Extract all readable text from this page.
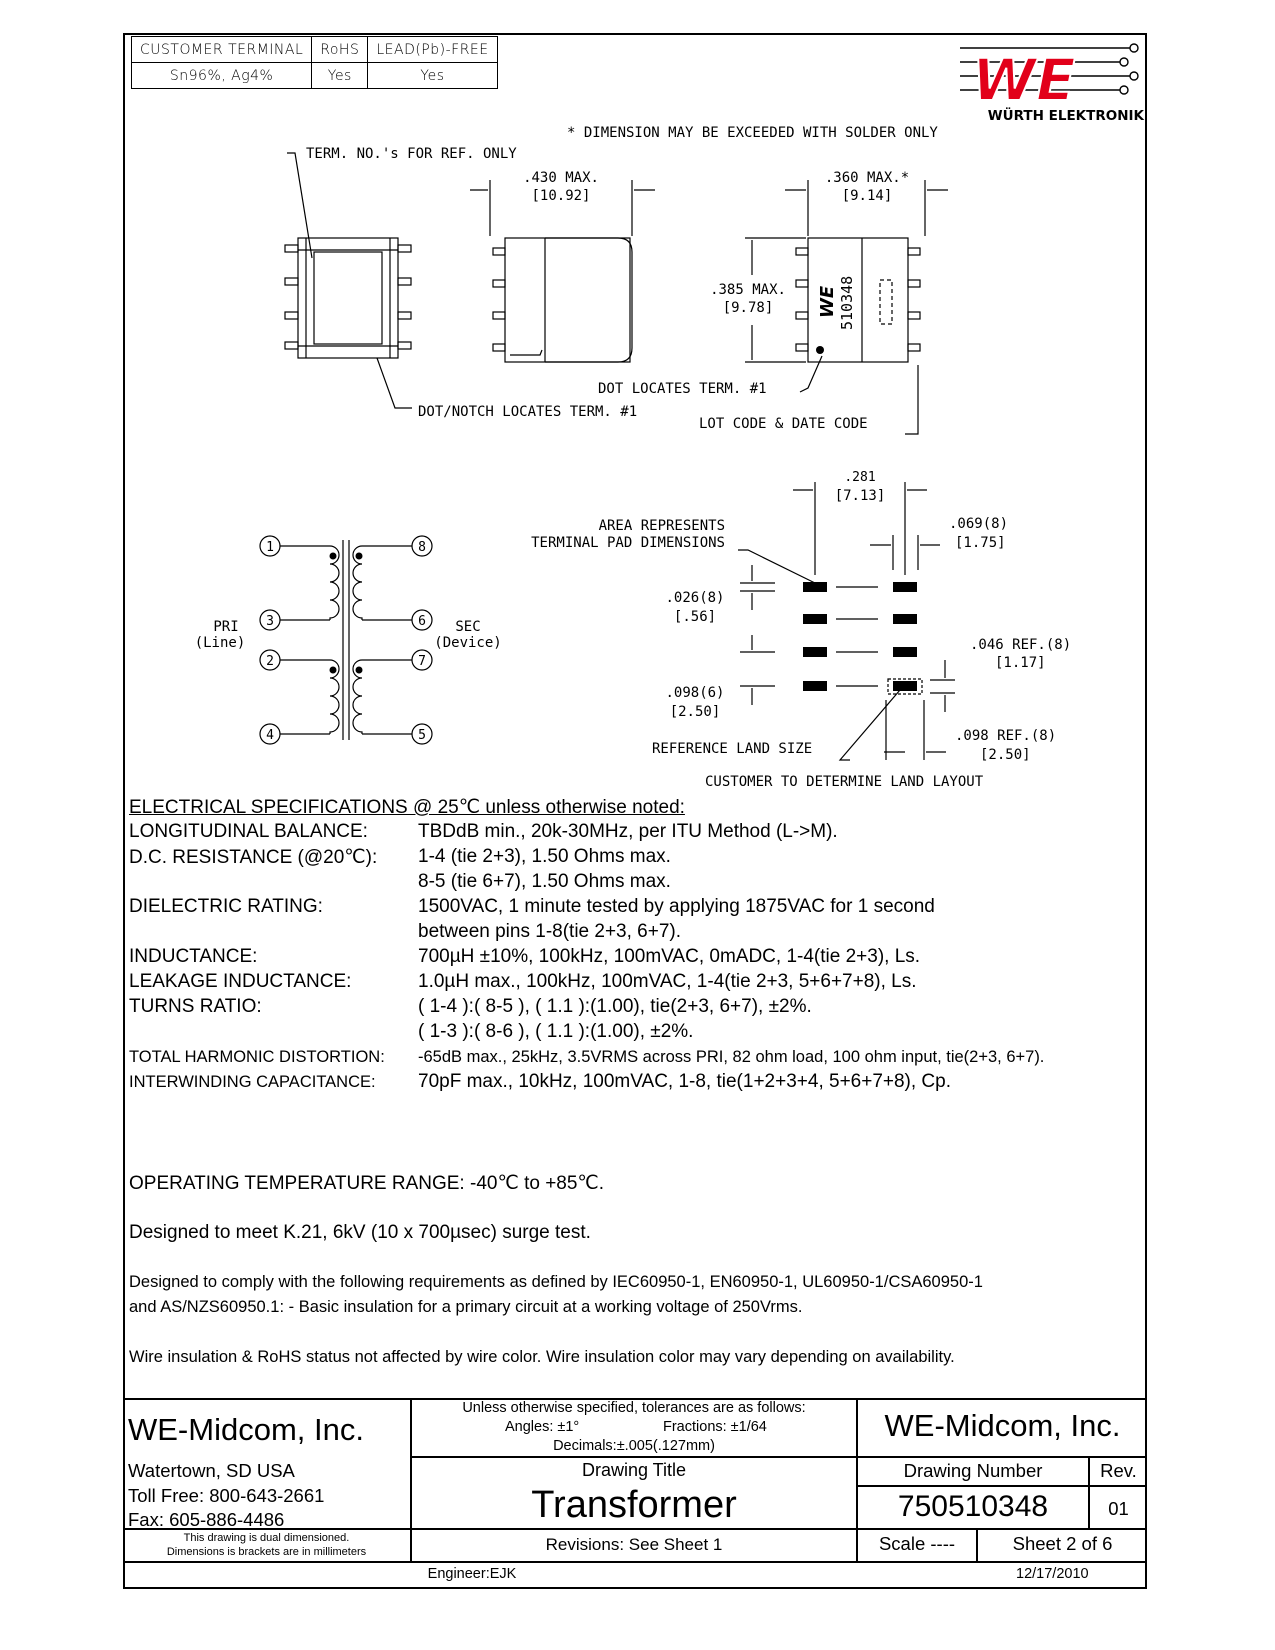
CUSTOMER TERMINAL	RoHS	LEAD(Pb)-FREE
Sn96%, Ag4%	Yes	Yes	WE
WÜRTH ELEKTRONIK
* DIMENSION MAY BE EXCEEDED WITH SOLDER ONLY
TERM. NO.'s FOR REF. ONLY
.430 MAX.
[10.92]
.360 MAX.*
[9.14]
.385 MAX.
[9.78]	510348
WE
DOT LOCATES TERM. #1
DOT/NOTCH LOCATES TERM. #1
LOT CODE & DATE CODE
1
3
2
4
8
6
7
5
PRI
(Line)
SEC
(Device)
.281
[7.13]
.069(8)
[1.75]
AREA REPRESENTS
TERMINAL PAD DIMENSIONS
.026(8)
[.56]
.098(6)
[2.50]
.046 REF.(8)
[1.17]
.098 REF.(8)
[2.50]
REFERENCE LAND SIZE
CUSTOMER TO DETERMINE LAND LAYOUT
ELECTRICAL SPECIFICATIONS @ 25℃ unless otherwise noted:
LONGITUDINAL BALANCE:	TBDdB min., 20k-30MHz, per ITU Method (L->M).
D.C. RESISTANCE (@20℃): 1-4 (tie 2+3), 1.50 Ohms max.
8-5 (tie 6+7), 1.50 Ohms max.
DIELECTRIC RATING:	1500VAC, 1 minute tested by applying 1875VAC for 1 second
between pins 1-8(tie 2+3, 6+7).
INDUCTANCE:	700µH ±10%, 100kHz, 100mVAC, 0mADC, 1-4(tie 2+3), Ls.
LEAKAGE INDUCTANCE:	1.0µH max., 100kHz, 100mVAC, 1-4(tie 2+3, 5+6+7+8), Ls.
TURNS RATIO:	( 1-4 ):( 8-5 ), ( 1.1 ):(1.00), tie(2+3, 6+7), ±2%.
( 1-3 ):( 8-6 ), ( 1.1 ):(1.00), ±2%.
TOTAL HARMONIC DISTORTION: -65dB max., 25kHz, 3.5VRMS across PRI, 82 ohm load, 100 ohm input, tie(2+3, 6+7).
INTERWINDING CAPACITANCE: 70pF max., 10kHz, 100mVAC, 1-8, tie(1+2+3+4, 5+6+7+8), Cp.
OPERATING TEMPERATURE RANGE: -40℃ to +85℃.
Designed to meet K.21, 6kV (10 x 700µsec) surge test.
Designed to comply with the following requirements as defined by IEC60950-1, EN60950-1, UL60950-1/CSA60950-1
and AS/NZS60950.1: - Basic insulation for a primary circuit at a working voltage of 250Vrms.
Wire insulation & RoHS status not affected by wire color. Wire insulation color may vary depending on availability.
WE-Midcom, Inc.
Watertown, SD USA
Toll Free: 800-643-2661
Fax: 605-886-4486
This drawing is dual dimensioned.
Dimensions is brackets are in millimeters
Unless otherwise specified, tolerances are as follows:
Angles: ±1°	Fractions: ±1/64
Decimals:±.005(.127mm)
Drawing Title
Transformer
Revisions: See Sheet 1
WE-Midcom, Inc.
Drawing Number	Rev.
750510348	01
Scale ----	Sheet 2 of 6
Engineer:EJK	12/17/2010
